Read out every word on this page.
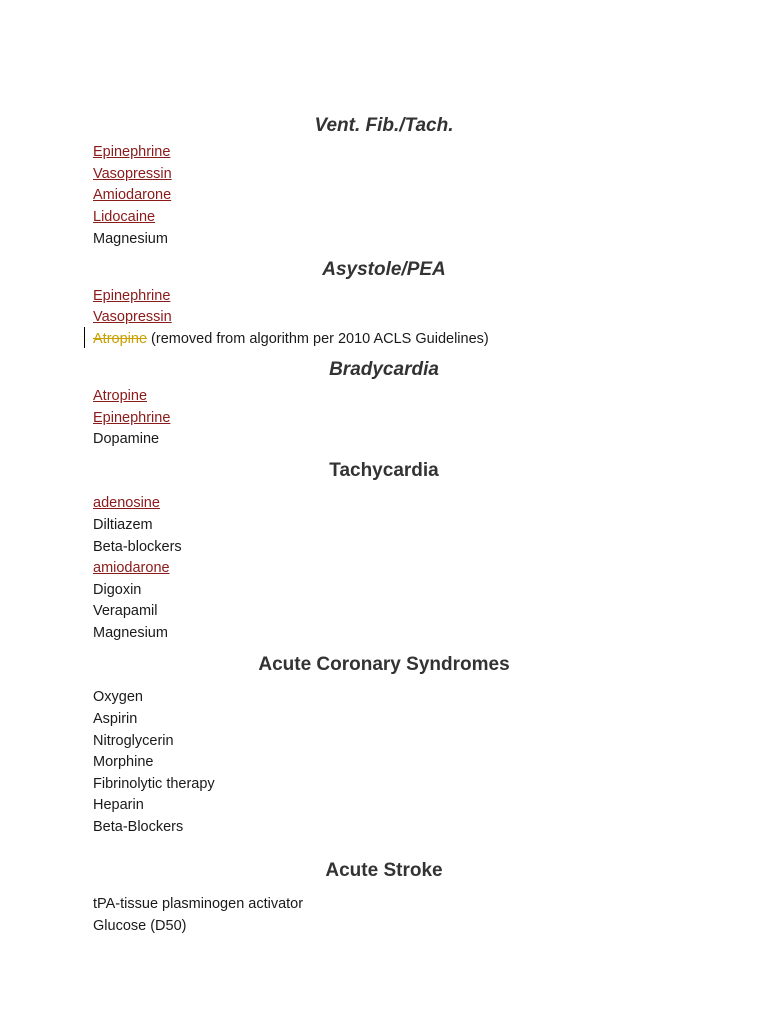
Vent. Fib./Tach.
Epinephrine
Vasopressin
Amiodarone
Lidocaine
Magnesium
Asystole/PEA
Epinephrine
Vasopressin
Atropine (removed from algorithm per 2010 ACLS Guidelines)
Bradycardia
Atropine
Epinephrine
Dopamine
Tachycardia
adenosine
Diltiazem
Beta-blockers
amiodarone
Digoxin
Verapamil
Magnesium
Acute Coronary Syndromes
Oxygen
Aspirin
Nitroglycerin
Morphine
Fibrinolytic therapy
Heparin
Beta-Blockers
Acute Stroke
tPA-tissue plasminogen activator
Glucose (D50)
